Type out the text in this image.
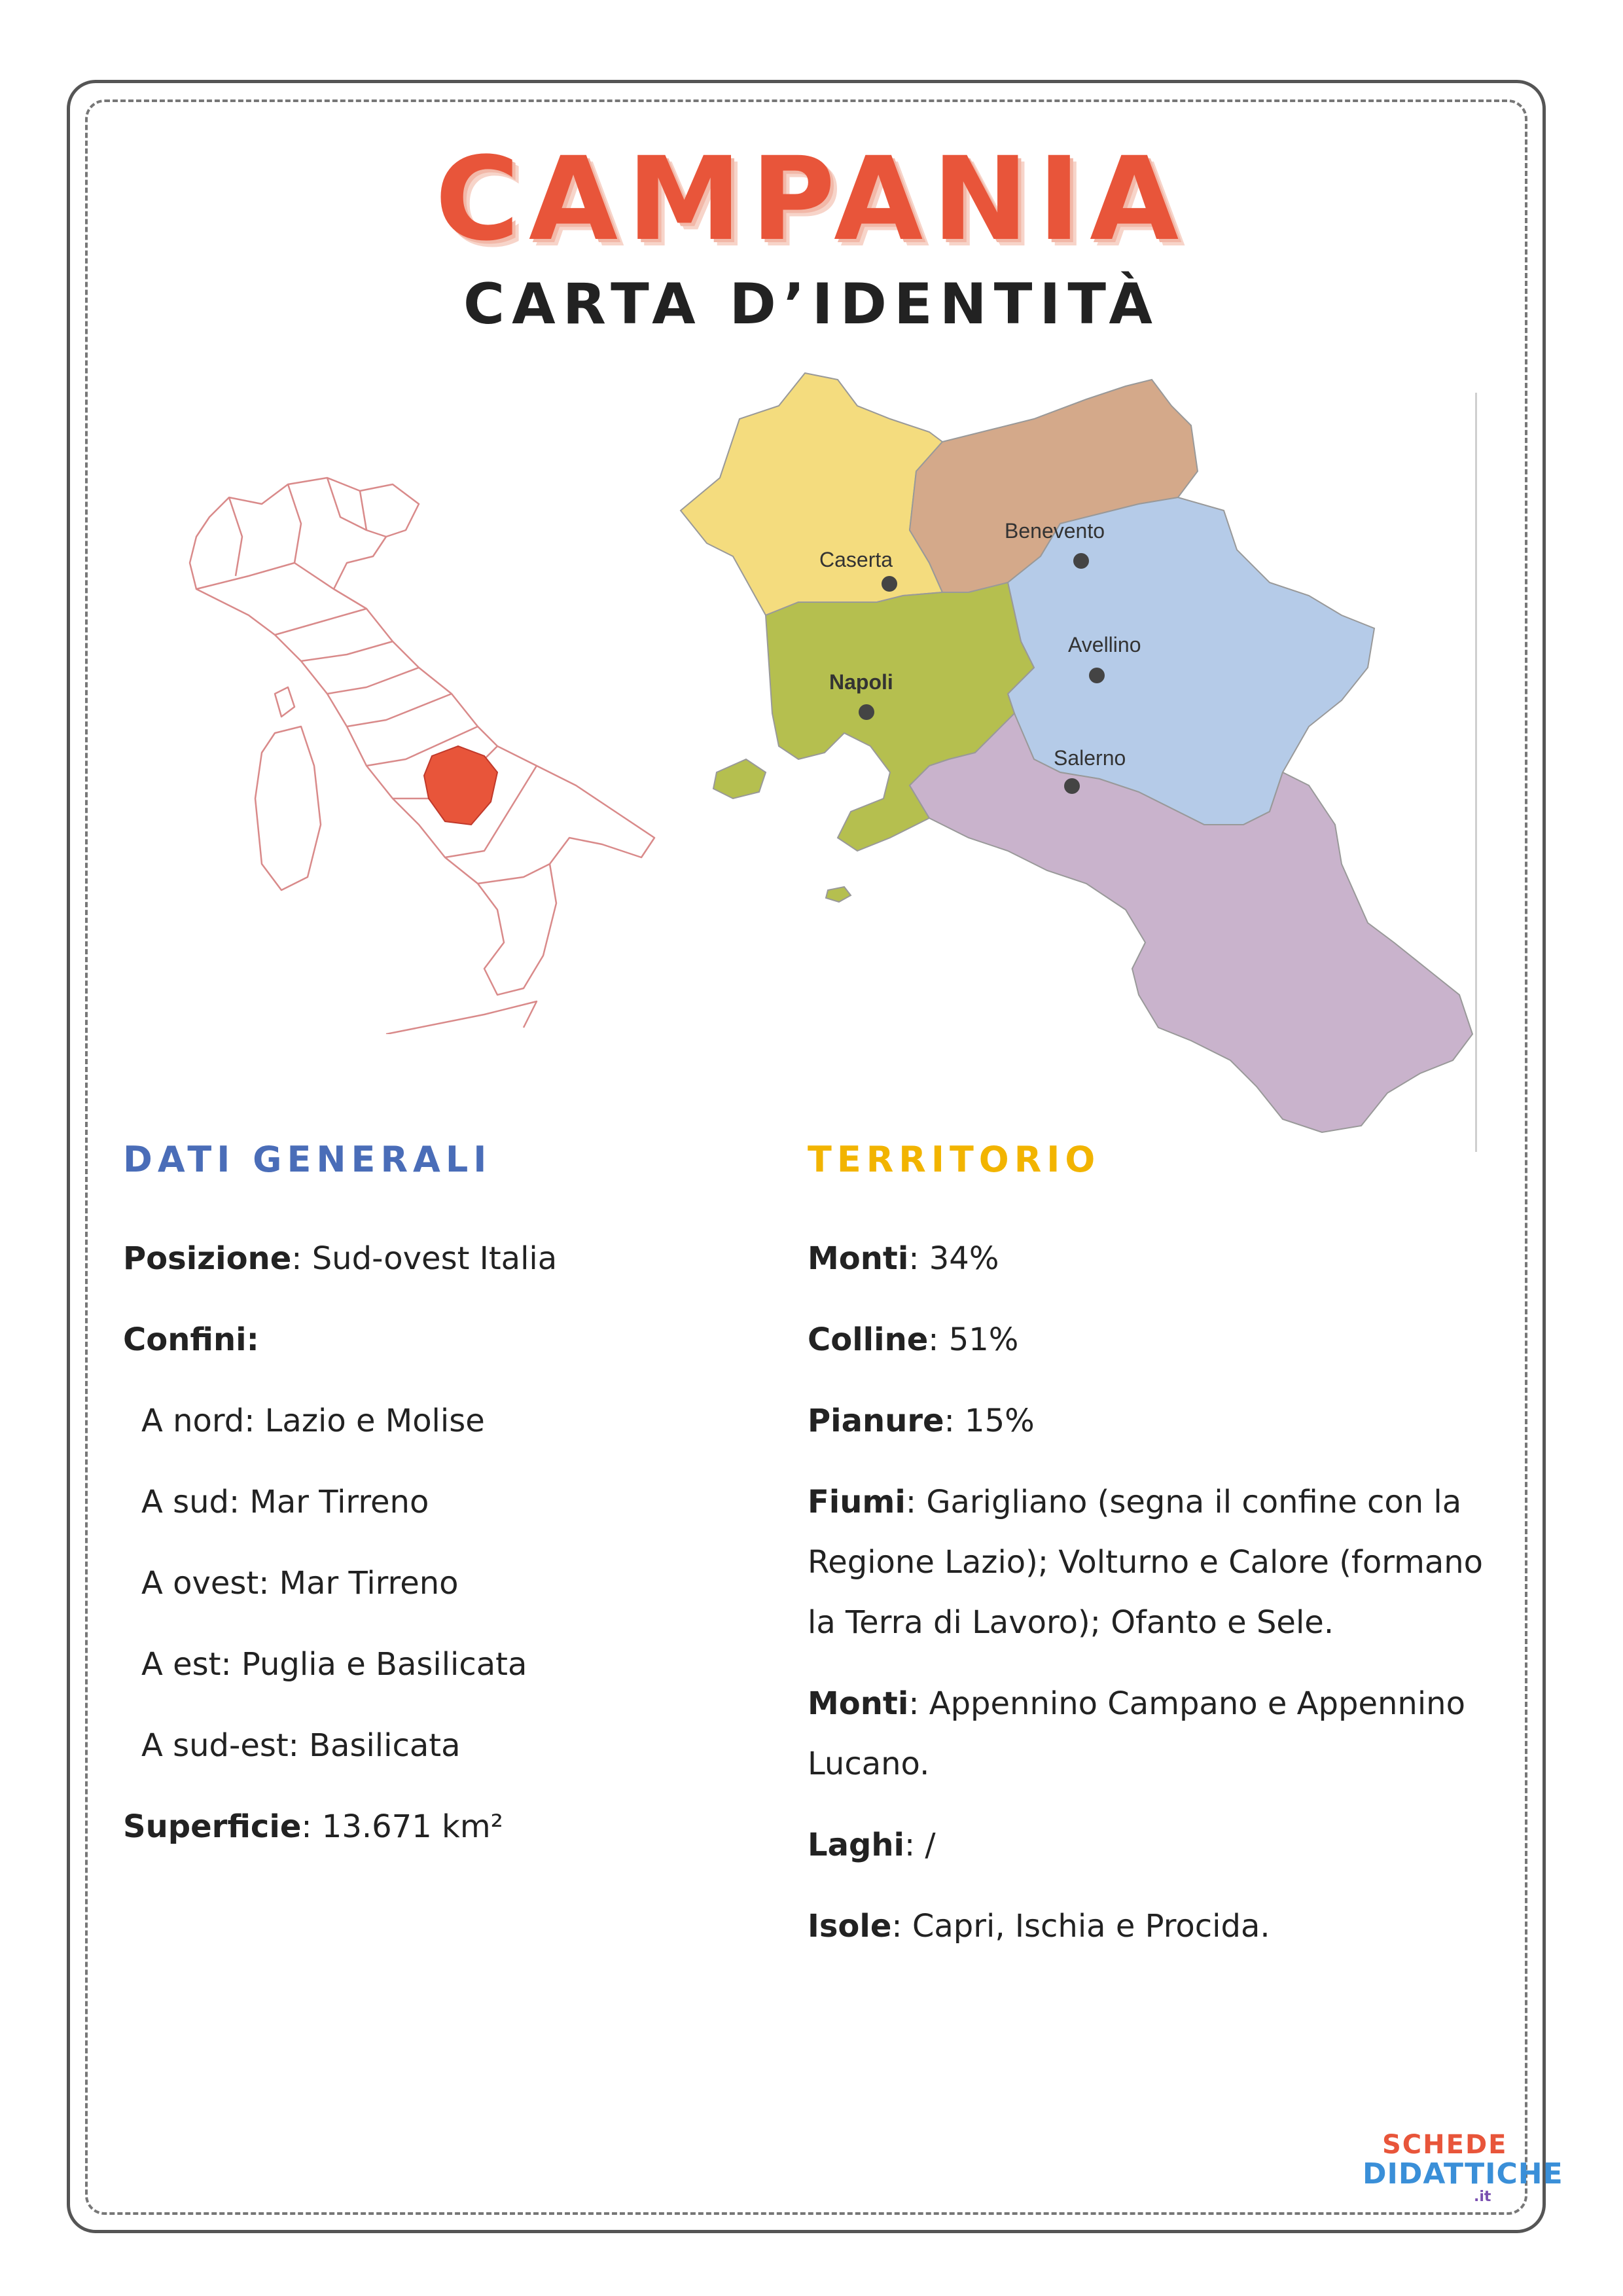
CAMPANIA
CARTA D’IDENTITÀ
Caserta
Benevento
Avellino
Napoli
Salerno
DATI GENERALI

Posizione: Sud-ovest Italia

Confini:

A nord: Lazio e Molise

A sud: Mar Tirreno

A ovest: Mar Tirreno

A est: Puglia e Basilicata

A sud-est: Basilicata

Superficie: 13.671 km²

TERRITORIO

Monti: 34%

Colline: 51%

Pianure: 15%

Fiumi: Garigliano (segna il confine con la Regione Lazio); Volturno e Calore (formano la Terra di Lavoro); Ofanto e Sele.

Monti: Appennino Campano e Appennino Lucano.

Laghi: /

Isole: Capri, Ischia e Procida.

SCHEDE
DIDATTICHE
.it
